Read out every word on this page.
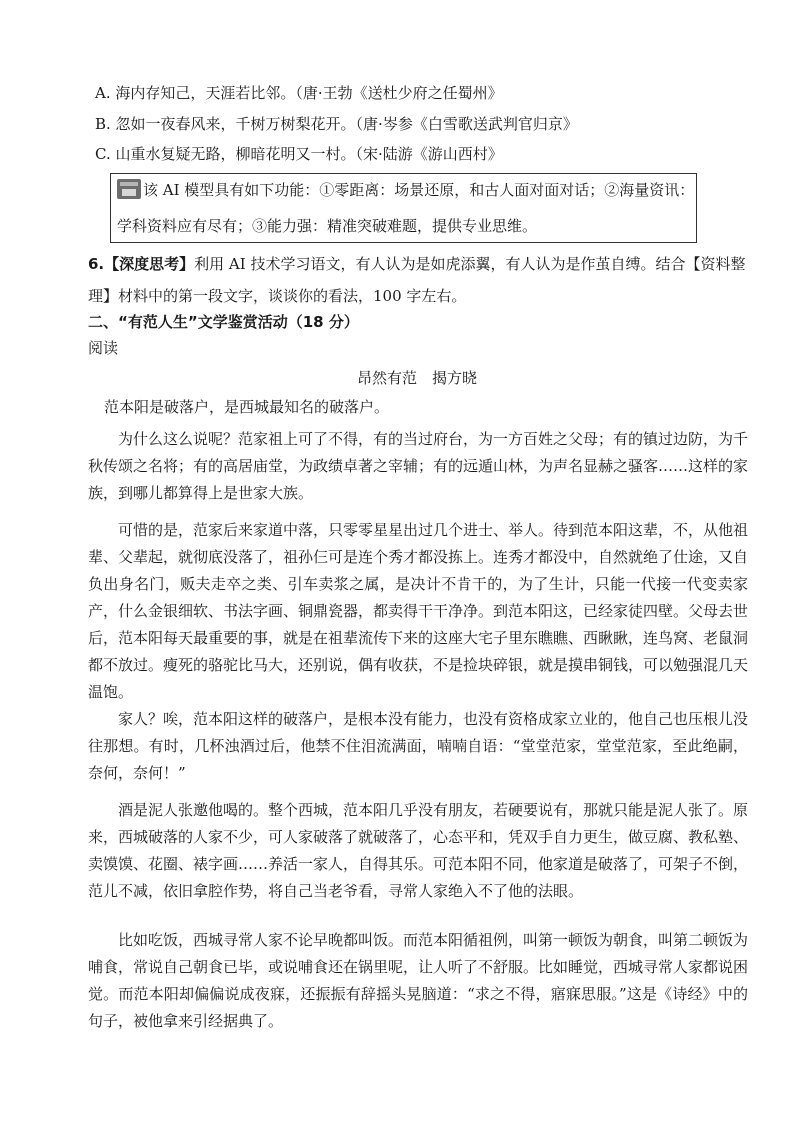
A. 海内存知己，天涯若比邻。（唐·王勃《送杜少府之任蜀州》
B. 忽如一夜春风来，千树万树梨花开。（唐·岑参《白雪歌送武判官归京》
C. 山重水复疑无路，柳暗花明又一村。（宋·陆游《游山西村》
该 AI 模型具有如下功能：①零距离：场景还原，和古人面对面对话；②海量资讯：
学科资料应有尽有；③能力强：精准突破难题，提供专业思维。
6.【深度思考】利用 AI 技术学习语文，有人认为是如虎添翼，有人认为是作茧自缚。结合【资料整
理】材料中的第一段文字，谈谈你的看法，100 字左右。
二、“有范人生”文学鉴赏活动（18 分）
阅读
昂然有范　揭方晓
范本阳是破落户，是西城最知名的破落户。
为什么这么说呢？范家祖上可了不得，有的当过府台，为一方百姓之父母；有的镇过边防，为千秋传颂之名将；有的高居庙堂，为政绩卓著之宰辅；有的远遁山林，为声名显赫之骚客……这样的家族，到哪儿都算得上是世家大族。
可惜的是，范家后来家道中落，只零零星星出过几个进士、举人。待到范本阳这辈，不，从他祖辈、父辈起，就彻底没落了，祖孙仨可是连个秀才都没拣上。连秀才都没中，自然就绝了仕途，又自负出身名门，贩夫走卒之类、引车卖浆之属，是决计不肯干的，为了生计，只能一代接一代变卖家产，什么金银细软、书法字画、铜鼎瓷器，都卖得干干净净。到范本阳这，已经家徒四壁。父母去世后，范本阳每天最重要的事，就是在祖辈流传下来的这座大宅子里东瞧瞧、西瞅瞅，连鸟窝、老鼠洞都不放过。瘦死的骆驼比马大，还别说，偶有收获，不是捡块碎银，就是摸串铜钱，可以勉强混几天温饱。
家人？唉，范本阳这样的破落户，是根本没有能力，也没有资格成家立业的，他自己也压根儿没往那想。有时，几杯浊酒过后，他禁不住泪流满面，喃喃自语：“堂堂范家，堂堂范家，至此绝嗣，奈何，奈何！”
酒是泥人张邀他喝的。整个西城，范本阳几乎没有朋友，若硬要说有，那就只能是泥人张了。原来，西城破落的人家不少，可人家破落了就破落了，心态平和，凭双手自力更生，做豆腐、教私塾、卖馍馍、花圈、裱字画……养活一家人，自得其乐。可范本阳不同，他家道是破落了，可架子不倒，范儿不减，依旧拿腔作势，将自己当老爷看，寻常人家绝入不了他的法眼。
比如吃饭，西城寻常人家不论早晚都叫饭。而范本阳循祖例，叫第一顿饭为朝食，叫第二顿饭为哺食，常说自己朝食已毕，或说哺食还在锅里呢，让人听了不舒服。比如睡觉，西城寻常人家都说困觉。而范本阳却偏偏说成夜寐，还振振有辞摇头晃脑道：“求之不得，寤寐思服。”这是《诗经》中的句子，被他拿来引经据典了。
